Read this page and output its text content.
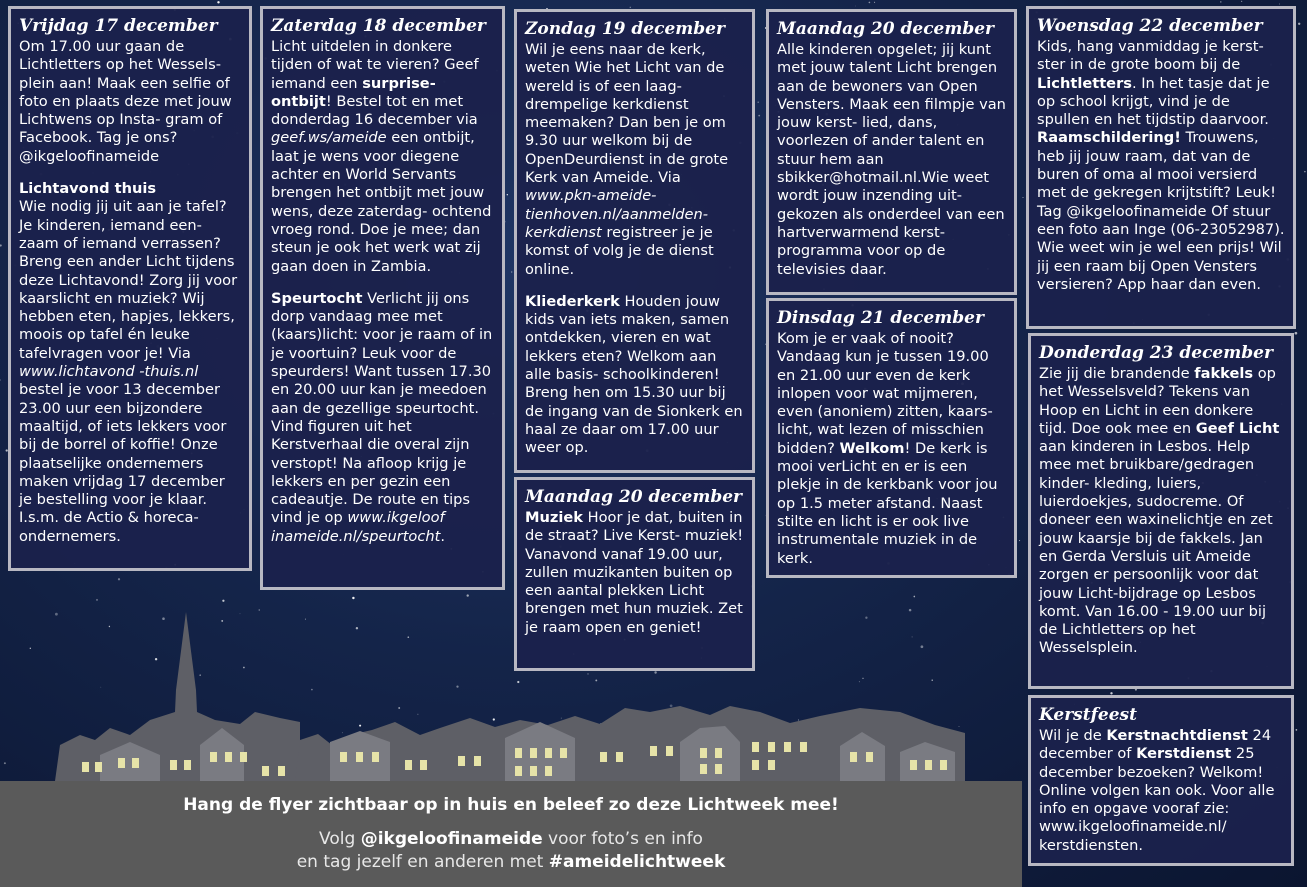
Vrijdag 17 december

Om 17.00 uur gaan de Lichtletters op het Wessels- plein aan! Maak een selfie of foto en plaats deze met jouw Lichtwens op Insta- gram of Facebook. Tag je ons? @ikgeloofinameide

Lichtavond thuis
Wie nodig jij uit aan je tafel? Je kinderen, iemand een- zaam of iemand verrassen? Breng een ander Licht tijdens deze Lichtavond! Zorg jij voor kaarslicht en muziek? Wij hebben eten, hapjes, lekkers, moois op tafel én leuke tafelvragen voor je! Via www.lichtavond -thuis.nl bestel je voor 13 december 23.00 uur een bijzondere maaltijd, of iets lekkers voor bij de borrel of koffie! Onze plaatselijke ondernemers maken vrijdag 17 december je bestelling voor je klaar. I.s.m. de Actio & horeca-ondernemers.

Zaterdag 18 december

Licht uitdelen in donkere tijden of wat te vieren? Geef iemand een surprise- ontbijt! Bestel tot en met donderdag 16 december via geef.ws/ameide een ontbijt, laat je wens voor diegene achter en World Servants brengen het ontbijt met jouw wens, deze zaterdag- ochtend vroeg rond. Doe je mee; dan steun je ook het werk wat zij gaan doen in Zambia.

Speurtocht Verlicht jij ons dorp vandaag mee met (kaars)licht: voor je raam of in je voortuin? Leuk voor de speurders! Want tussen 17.30 en 20.00 uur kan je meedoen aan de gezellige speurtocht. Vind figuren uit het Kerstverhaal die overal zijn verstopt! Na afloop krijg je lekkers en per gezin een cadeautje. De route en tips vind je op www.ikgeloof inameide.nl/speurtocht.

Zondag 19 december

Wil je eens naar de kerk, weten Wie het Licht van de wereld is of een laag- drempelige kerkdienst meemaken? Dan ben je om 9.30 uur welkom bij de OpenDeurdienst in de grote Kerk van Ameide. Via www.pkn-ameide- tienhoven.nl/aanmelden- kerkdienst registreer je je komst of volg je de dienst online.

Kliederkerk Houden jouw kids van iets maken, samen ontdekken, vieren en wat lekkers eten? Welkom aan alle basis- schoolkinderen! Breng hen om 15.30 uur bij de ingang van de Sionkerk en haal ze daar om 17.00 uur weer op.

Maandag 20 december

Muziek Hoor je dat, buiten in de straat? Live Kerst- muziek! Vanavond vanaf 19.00 uur, zullen muzikanten buiten op een aantal plekken Licht brengen met hun muziek. Zet je raam open en geniet!

Maandag 20 december

Alle kinderen opgelet; jij kunt met jouw talent Licht brengen aan de bewoners van Open Vensters. Maak een filmpje van jouw kerst- lied, dans, voorlezen of ander talent en stuur hem aan sbikker@hotmail.nl.Wie weet wordt jouw inzending uit- gekozen als onderdeel van een hartverwarmend kerst- programma voor op de televisies daar.

Dinsdag 21 december

Kom je er vaak of nooit? Vandaag kun je tussen 19.00 en 21.00 uur even de kerk inlopen voor wat mijmeren, even (anoniem) zitten, kaars- licht, wat lezen of misschien bidden? Welkom! De kerk is mooi verLicht en er is een plekje in de kerkbank voor jou op 1.5 meter afstand. Naast stilte en licht is er ook live instrumentale muziek in de kerk.

Woensdag 22 december

Kids, hang vanmiddag je kerst- ster in de grote boom bij de Lichtletters. In het tasje dat je op school krijgt, vind je de spullen en het tijdstip daarvoor. Raamschildering! Trouwens, heb jij jouw raam, dat van de buren of oma al mooi versierd met de gekregen krijtstift? Leuk! Tag @ikgeloofinameide Of stuur een foto aan Inge (06-23052987). Wie weet win je wel een prijs! Wil jij een raam bij Open Vensters versieren? App haar dan even.

Donderdag 23 december

Zie jij die brandende fakkels op het Wesselsveld? Tekens van Hoop en Licht in een donkere tijd. Doe ook mee en Geef Licht aan kinderen in Lesbos. Help mee met bruikbare/gedragen kinder- kleding, luiers, luierdoekjes, sudocreme. Of doneer een waxinelichtje en zet jouw kaarsje bij de fakkels. Jan en Gerda Versluis uit Ameide zorgen er persoonlijk voor dat jouw Licht-bijdrage op Lesbos komt. Van 16.00 - 19.00 uur bij de Lichtletters op het Wesselsplein.

Kerstfeest

Wil je de Kerstnachtdienst 24 december of Kerstdienst 25 december bezoeken? Welkom! Online volgen kan ook. Voor alle info en opgave vooraf zie: www.ikgeloofinameide.nl/ kerstdiensten.

Hang de flyer zichtbaar op in huis en beleef zo deze Lichtweek mee!
Volg @ikgeloofinameide voor foto’s en info
en tag jezelf en anderen met #ameidelichtweek
